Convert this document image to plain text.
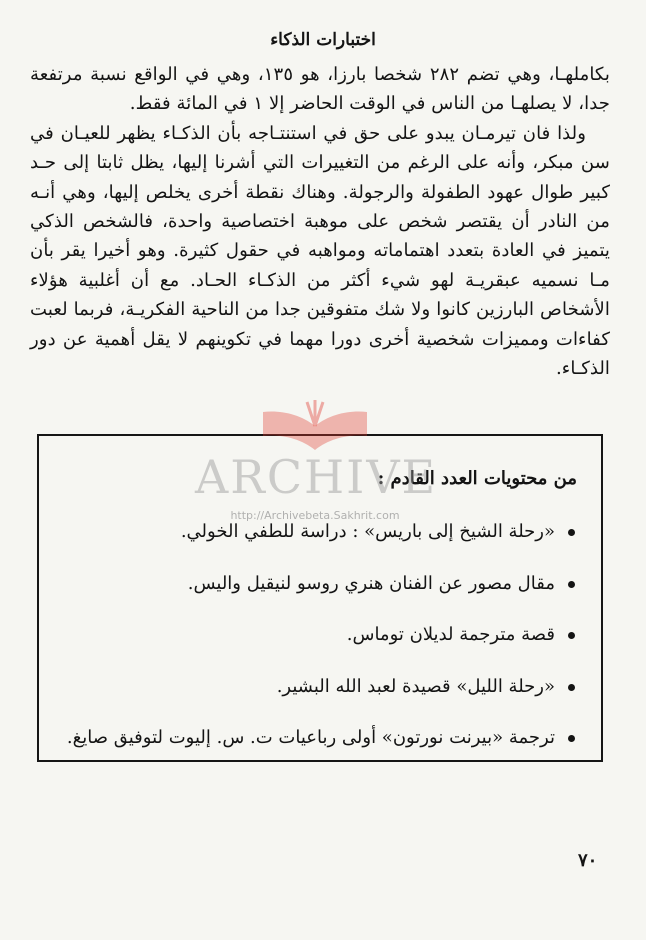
اختبارات الذكاء

بكاملهـا، وهي تضم ٢٨٢ شخصا بارزا، هو ١٣٥، وهي في الواقع نسبة مرتفعة جدا، لا يصلهـا من الناس في الوقت الحاضر إلا ١ في المائة فقط.

ولذا فان تيرمـان يبدو على حق في استنتـاجه بأن الذكـاء يظهر للعيـان في سن مبكر، وأنه على الرغم من التغييرات التي أشرنا إليها، يظل ثابتا إلى حـد كبير طوال عهود الطفولة والرجولة. وهناك نقطة أخرى يخلص إليها، وهي أنـه من النادر أن يقتصر شخص على موهبة اختصاصية واحدة، فالشخص الذكي يتميز في العادة بتعدد اهتماماته ومواهبه في حقول كثيرة. وهو أخيرا يقر بأن مـا نسميه عبقريـة لهو شيء أكثر من الذكـاء الحـاد. مع أن أغلبية هؤلاء الأشخاص البارزين كانوا ولا شك متفوقين جدا من الناحية الفكريـة، فربما لعبت كفاءات ومميزات شخصية أخرى دورا مهما في تكوينهم لا يقل أهمية عن دور الذكـاء.

من محتويات العدد القادم :
«رحلة الشيخ إلى باريس» : دراسة للطفي الخولي.
مقال مصور عن الفنان هنري روسو لنيقيل واليس.
قصة مترجمة لديلان توماس.
«رحلة الليل» قصيدة لعبد الله البشير.
ترجمة «بيرنت نورتون» أولى رباعيات ت. س. إليوت لتوفيق صايغ.
ARCHIVE
http://Archivebeta.Sakhrit.com
٧٠
